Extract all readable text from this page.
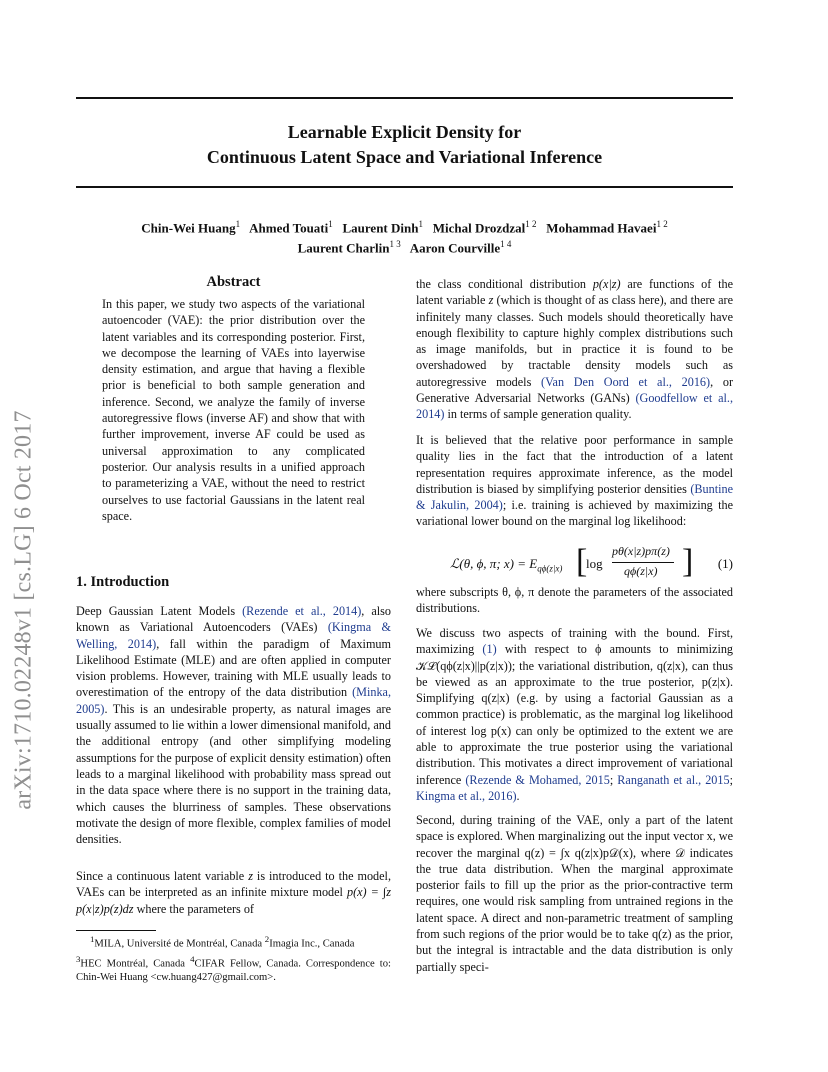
Learnable Explicit Density for
Continuous Latent Space and Variational Inference
Chin-Wei Huang$^1$ Ahmed Touati$^1$ Laurent Dinh$^1$ Michal Drozdzal$^{1 2}$ Mohammad Havaei$^{1 2}$
Laurent Charlin$^{1 3}$ Aaron Courville$^{1 4}$
arXiv:1710.02248v1 [cs.LG] 6 Oct 2017
Abstract

In this paper, we study two aspects of the variational autoencoder (VAE): the prior distribution over the latent variables and its corresponding posterior. First, we decompose the learning of VAEs into layerwise density estimation, and argue that having a flexible prior is beneficial to both sample generation and inference. Second, we analyze the family of inverse autoregressive flows (inverse AF) and show that with further improvement, inverse AF could be used as universal approximation to any complicated posterior. Our analysis results in a unified approach to parameterizing a VAE, without the need to restrict ourselves to use factorial Gaussians in the latent real space.

1. Introduction

Deep Gaussian Latent Models (Rezende et al., 2014), also known as Variational Autoencoders (VAEs) (Kingma & Welling, 2014), fall within the paradigm of Maximum Likelihood Estimate (MLE) and are often applied in computer vision problems. However, training with MLE usually leads to overestimation of the entropy of the data distribution (Minka, 2005). This is an undesirable property, as natural images are usually assumed to lie within a lower dimensional manifold, and the additional entropy (and other simplifying modeling assumptions for the purpose of explicit density estimation) often leads to a marginal likelihood with probability mass spread out in the data space where there is no support in the training data, which causes the blurriness of samples. These observations motivate the design of more flexible, complex families of model densities.

Since a continuous latent variable z is introduced to the model, VAEs can be interpreted as an infinite mixture model p(x) = ∫z p(x|z)p(z)dz where the parameters of

$^1$MILA, Université de Montréal, Canada $^2$Imagia Inc., Canada
$^3$HEC Montréal, Canada $^4$CIFAR Fellow, Canada. Correspondence to: Chin-Wei Huang <cw.huang427@gmail.com>.

the class conditional distribution p(x|z) are functions of the latent variable z (which is thought of as class here), and there are infinitely many classes. Such models should theoretically have enough flexibility to capture highly complex distributions such as image manifolds, but in practice it is found to be overshadowed by tractable density models such as autoregressive models (Van Den Oord et al., 2016), or Generative Adversarial Networks (GANs) (Goodfellow et al., 2014) in terms of sample generation quality.

It is believed that the relative poor performance in sample quality lies in the fact that the introduction of a latent representation requires approximate inference, as the model distribution is biased by simplifying posterior densities (Buntine & Jakulin, 2004); i.e. training is achieved by maximizing the variational lower bound on the marginal log likelihood:

ℒ(θ, ϕ, π; $x) = E_{q\phi(z|x)}$ [
log
pθ(x|z)pπ(z)
qϕ(z|x) ] (1)

where subscripts θ, ϕ, π denote the parameters of the associated distributions.

We discuss two aspects of training with the bound. First, maximizing (1) with respect to ϕ amounts to minimizing 𝒦ℒ(qϕ(z|x)||p(z|x)); the variational distribution, q(z|x), can thus be viewed as an approximate to the true posterior, p(z|x). Simplifying q(z|x) (e.g. by using a factorial Gaussian as a common practice) is problematic, as the marginal log likelihood of interest log p(x) can only be optimized to the extent we are able to approximate the true posterior using the variational distribution. This motivates a direct improvement of variational inference (Rezende & Mohamed, 2015; Ranganath et al., 2015; Kingma et al., 2016).

Second, during training of the VAE, only a part of the latent space is explored. When marginalizing out the input vector x, we recover the marginal q(z) = ∫x q(z|x)p𝒟(x), where 𝒟 indicates the true data distribution. When the marginal approximate posterior fails to fill up the prior as the prior-contractive term requires, one would risk sampling from untrained regions in the latent space. A direct and non-parametric treatment of sampling from such regions of the prior would be to take q(z) as the prior, but the integral is intractable and the data distribution is only partially speci-
